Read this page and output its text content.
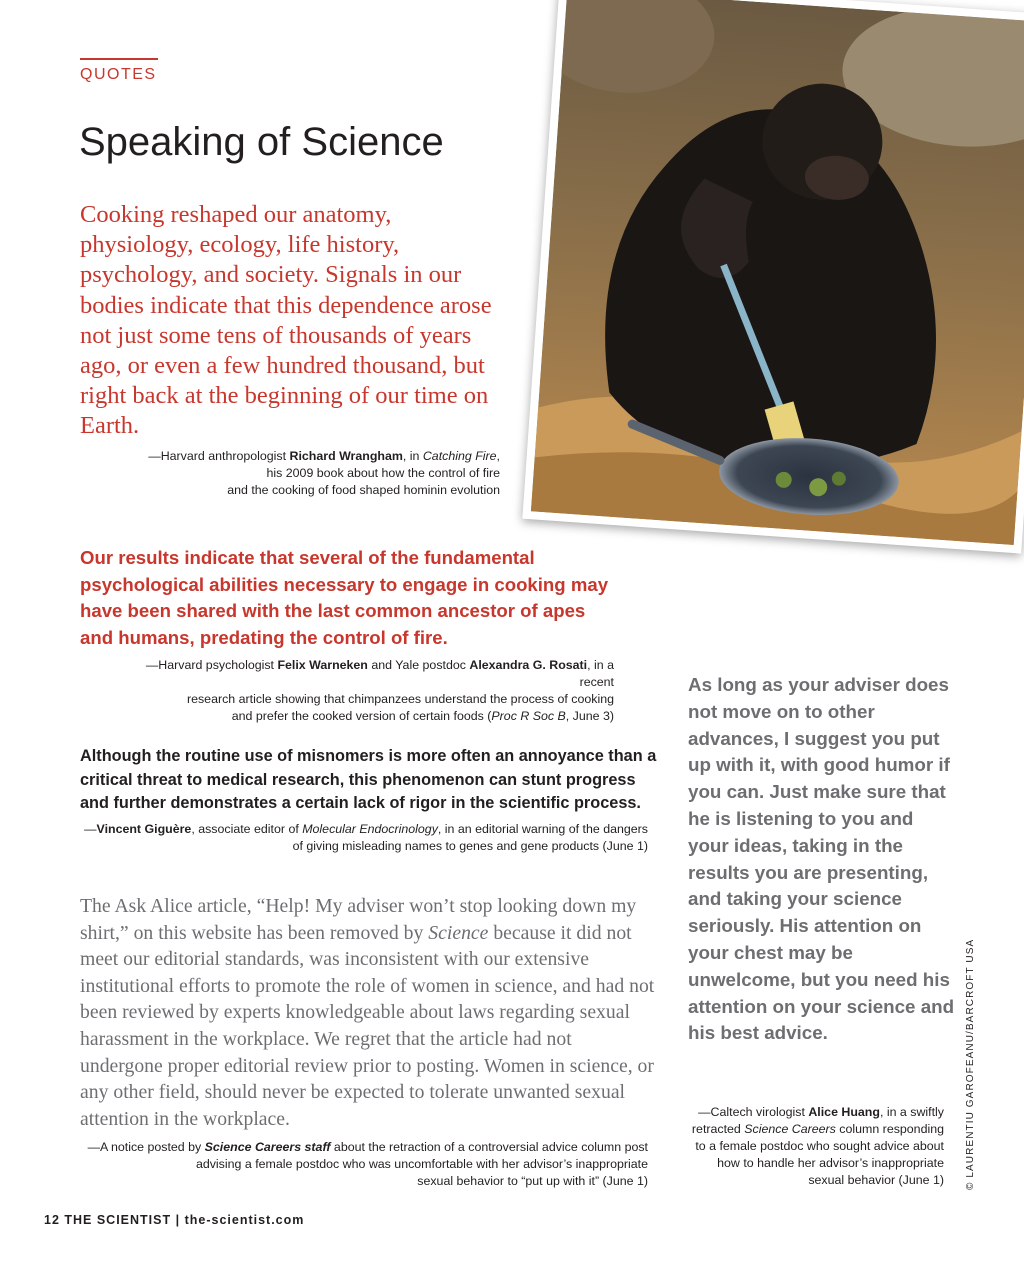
QUOTES
Speaking of Science
Cooking reshaped our anatomy, physiology, ecology, life history, psychology, and society. Signals in our bodies indicate that this dependence arose not just some tens of thousands of years ago, or even a few hundred thousand, but right back at the beginning of our time on Earth.
—Harvard anthropologist Richard Wrangham, in Catching Fire,
his 2009 book about how the control of fire
and the cooking of food shaped hominin evolution
Our results indicate that several of the fundamental psychological abilities necessary to engage in cooking may have been shared with the last common ancestor of apes and humans, predating the control of fire.
—Harvard psychologist Felix Warneken and Yale postdoc Alexandra G. Rosati, in a recent
research article showing that chimpanzees understand the process of cooking
and prefer the cooked version of certain foods (Proc R Soc B, June 3)
Although the routine use of misnomers is more often an annoyance than a critical threat to medical research, this phenomenon can stunt progress and further demonstrates a certain lack of rigor in the scientific process.
—Vincent Giguère, associate editor of Molecular Endocrinology, in an editorial warning of the dangers
of giving misleading names to genes and gene products (June 1)
The Ask Alice article, “Help! My adviser won’t stop looking down my shirt,” on this website has been removed by Science because it did not meet our editorial standards, was inconsistent with our extensive institutional efforts to promote the role of women in science, and had not been reviewed by experts knowledgeable about laws regarding sexual harassment in the workplace. We regret that the article had not undergone proper editorial review prior to posting. Women in science, or any other field, should never be expected to tolerate unwanted sexual attention in the workplace.
—A notice posted by Science Careers staff about the retraction of a controversial advice column post
advising a female postdoc who was uncomfortable with her advisor’s inappropriate
sexual behavior to “put up with it” (June 1)
As long as your adviser does not move on to other advances, I suggest you put up with it, with good humor if you can. Just make sure that he is listening to you and your ideas, taking in the results you are presenting, and taking your science seriously. His attention on your chest may be unwelcome, but you need his attention on your science and his best advice.
—Caltech virologist Alice Huang, in a swiftly
retracted Science Careers column responding
to a female postdoc who sought advice about
how to handle her advisor’s inappropriate
sexual behavior (June 1) © LAURENTIU GAROFEANU/BARCROFT USA
12 THE SCIENTIST | the-scientist.com
